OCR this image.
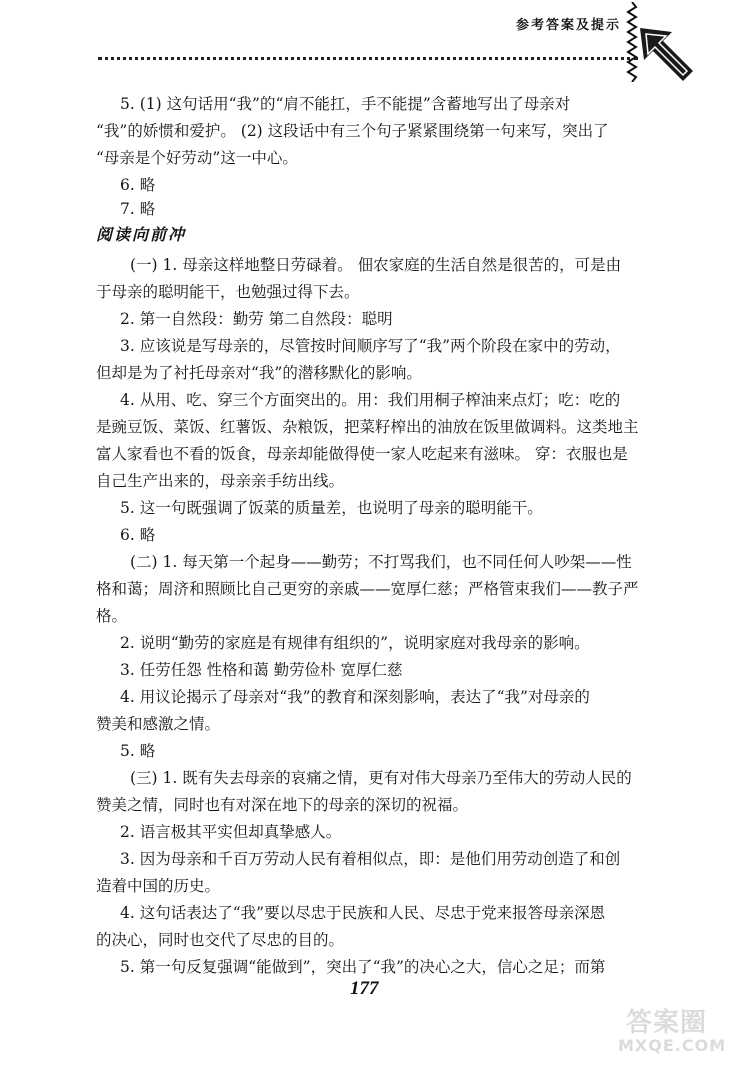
参考答案及提示
5. (1) 这句话用“我”的“肩不能扛，手不能提”含蓄地写出了母亲对
“我”的娇惯和爱护。 (2) 这段话中有三个句子紧紧围绕第一句来写，突出了
“母亲是个好劳动”这一中心。
6. 略
7. 略
阅读向前冲
(一) 1. 母亲这样地整日劳碌着。 佃农家庭的生活自然是很苦的，可是由
于母亲的聪明能干，也勉强过得下去。
2. 第一自然段：勤劳 第二自然段：聪明
3. 应该说是写母亲的，尽管按时间顺序写了“我”两个阶段在家中的劳动，
但却是为了衬托母亲对“我”的潜移默化的影响。
4. 从用、吃、穿三个方面突出的。用：我们用桐子榨油来点灯；吃：吃的
是豌豆饭、菜饭、红薯饭、杂粮饭，把菜籽榨出的油放在饭里做调料。这类地主
富人家看也不看的饭食，母亲却能做得使一家人吃起来有滋味。 穿：衣服也是
自己生产出来的，母亲亲手纺出线。
5. 这一句既强调了饭菜的质量差，也说明了母亲的聪明能干。
6. 略
(二) 1. 每天第一个起身——勤劳；不打骂我们，也不同任何人吵架——性
格和蔼；周济和照顾比自己更穷的亲戚——宽厚仁慈；严格管束我们——教子严
格。
2. 说明“勤劳的家庭是有规律有组织的”，说明家庭对我母亲的影响。
3. 任劳任怨 性格和蔼 勤劳俭朴 宽厚仁慈
4. 用议论揭示了母亲对“我”的教育和深刻影响，表达了“我”对母亲的
赞美和感激之情。
5. 略
(三) 1. 既有失去母亲的哀痛之情，更有对伟大母亲乃至伟大的劳动人民的
赞美之情，同时也有对深在地下的母亲的深切的祝福。
2. 语言极其平实但却真挚感人。
3. 因为母亲和千百万劳动人民有着相似点，即：是他们用劳动创造了和创
造着中国的历史。
4. 这句话表达了“我”要以尽忠于民族和人民、尽忠于党来报答母亲深恩
的决心，同时也交代了尽忠的目的。
5. 第一句反复强调“能做到”，突出了“我”的决心之大，信心之足；而第
177
答案圈
MXQE.COM
